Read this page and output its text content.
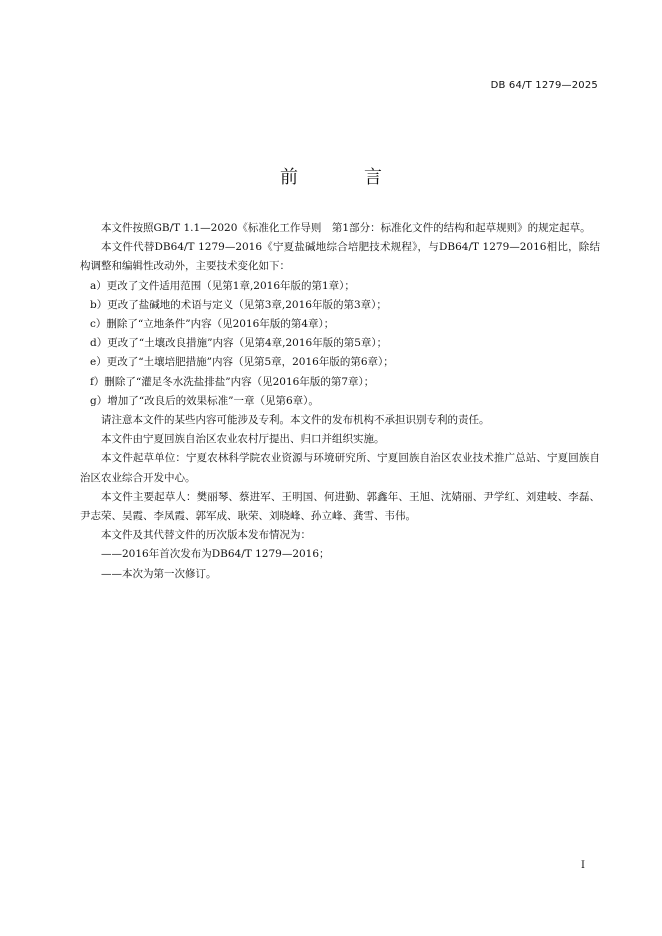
DB 64/T 1279—2025
前　言

本文件按照GB/T 1.1—2020《标准化工作导则　第1部分：标准化文件的结构和起草规则》的规定起草。

本文件代替DB64/T 1279—2016《宁夏盐碱地综合培肥技术规程》，与DB64/T 1279—2016相比，除结构调整和编辑性改动外，主要技术变化如下：

a）更改了文件适用范围（见第1章,2016年版的第1章）；

b）更改了盐碱地的术语与定义（见第3章,2016年版的第3章）；

c）删除了“立地条件”内容（见2016年版的第4章）；

d）更改了“土壤改良措施”内容（见第4章,2016年版的第5章）；

e）更改了“土壤培肥措施”内容（见第5章，2016年版的第6章）；

f）删除了“灌足冬水洗盐排盐”内容（见2016年版的第7章）；

g）增加了“改良后的效果标准”一章（见第6章）。

请注意本文件的某些内容可能涉及专利。本文件的发布机构不承担识别专利的责任。

本文件由宁夏回族自治区农业农村厅提出、归口并组织实施。

本文件起草单位：宁夏农林科学院农业资源与环境研究所、宁夏回族自治区农业技术推广总站、宁夏回族自治区农业综合开发中心。

本文件主要起草人：樊丽琴、蔡进军、王明国、何进勤、郭鑫年、王旭、沈婧丽、尹学红、刘建岐、李磊、尹志荣、吴霞、李凤霞、郭军成、耿荣、刘晓峰、孙立峰、龚雪、韦伟。

本文件及其代替文件的历次版本发布情况为：

——2016年首次发布为DB64/T 1279—2016；

——本次为第一次修订。

I
